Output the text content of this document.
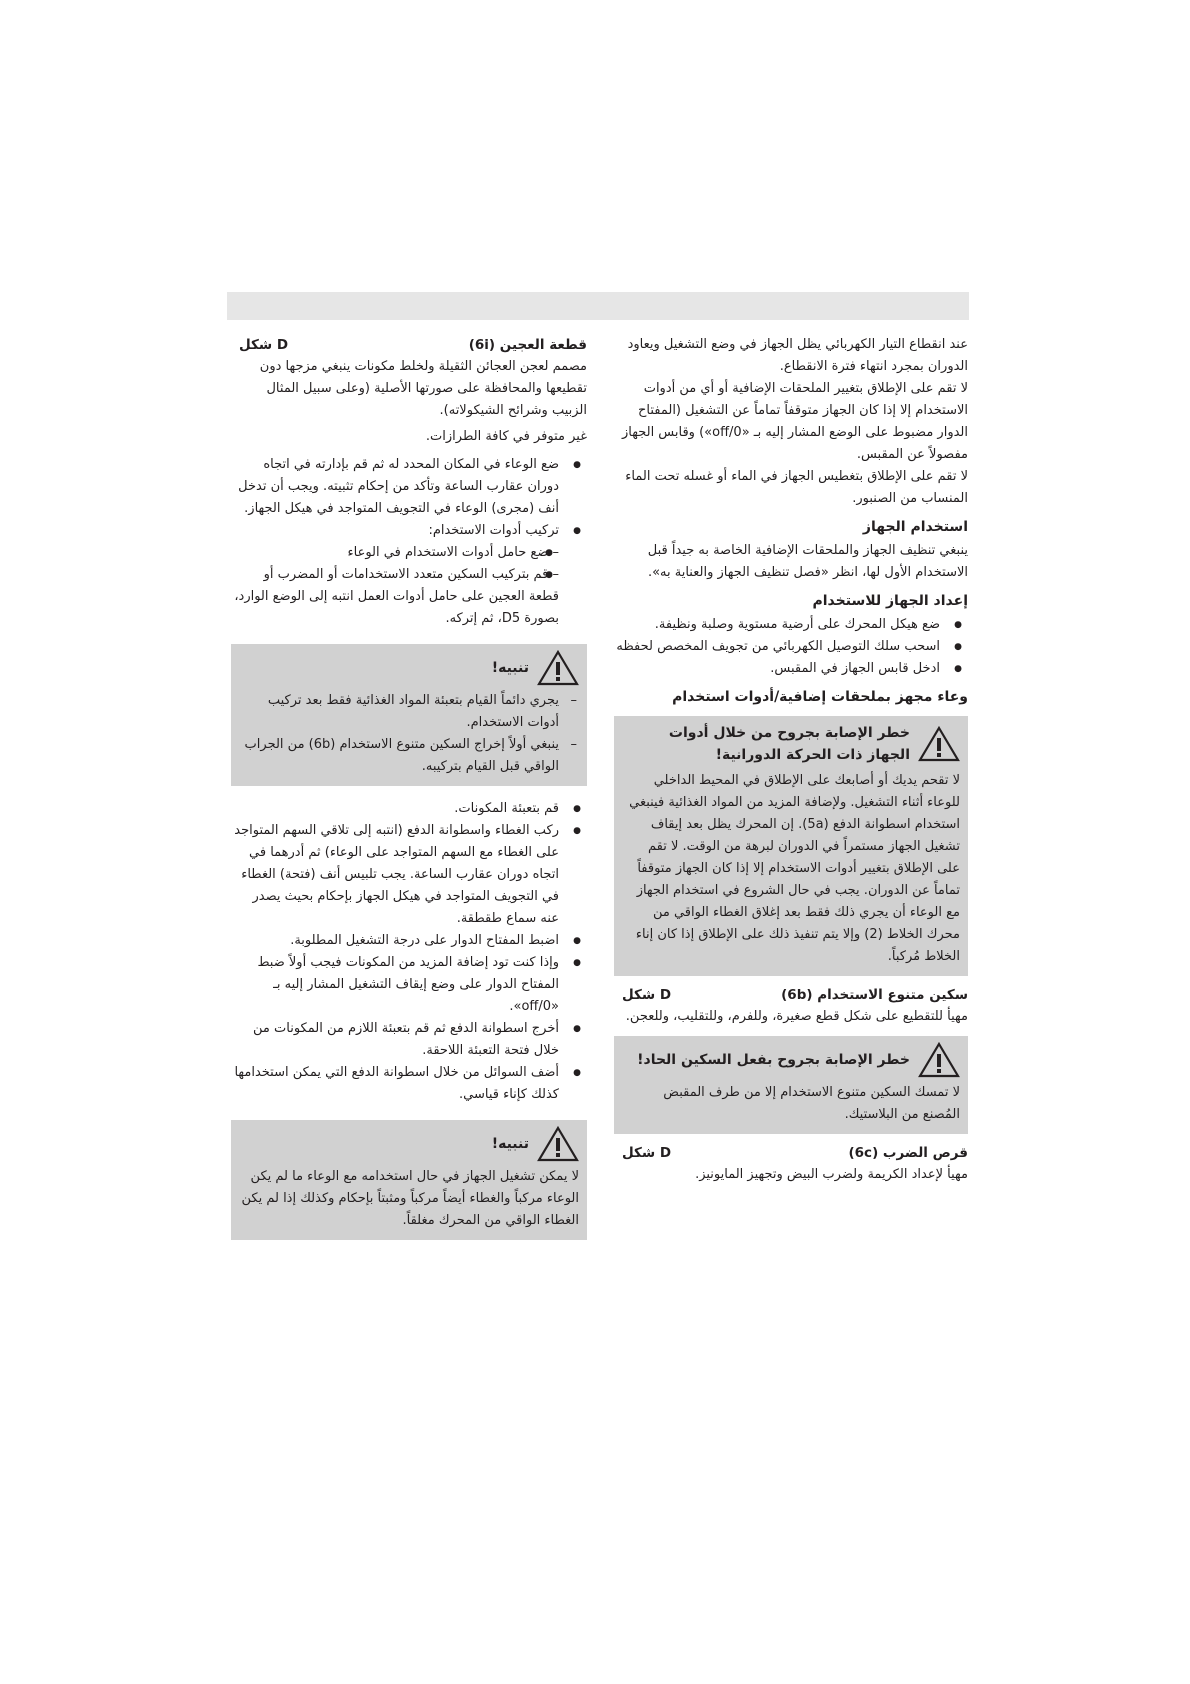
عند انقطاع التيار الكهربائي يظل الجهاز في وضع التشغيل ويعاود الدوران بمجرد انتهاء فترة الانقطاع.

لا تقم على الإطلاق بتغيير الملحقات الإضافية أو أي من أدوات الاستخدام إلا إذا كان الجهاز متوقفاً تماماً عن التشغيل (المفتاح الدوار مضبوط على الوضع المشار إليه بـ «off/0») وقابس الجهاز مفصولاً عن المقبس.

لا تقم على الإطلاق بتغطيس الجهاز في الماء أو غسله تحت الماء المنساب من الصنبور.

استخدام الجهاز

ينبغي تنظيف الجهاز والملحقات الإضافية الخاصة به جيداً قبل الاستخدام الأول لها، انظر «فصل تنظيف الجهاز والعناية به».

إعداد الجهاز للاستخدام

● ضع هيكل المحرك على أرضية مستوية وصلبة ونظيفة.
● اسحب سلك التوصيل الكهربائي من تجويف المخصص لحفظه
● ادخل قابس الجهاز في المقبس.

وعاء مجهز بملحقات إضافية/أدوات استخدام

خطر الإصابة بجروح من خلال أدوات الجهاز ذات الحركة الدورانية!

لا تقحم يديك أو أصابعك على الإطلاق في المحيط الداخلي للوعاء أثناء التشغيل. ولإضافة المزيد من المواد الغذائية فينبغي استخدام اسطوانة الدفع (5a). إن المحرك يظل بعد إيقاف تشغيل الجهاز مستمراً في الدوران لبرهة من الوقت. لا تقم على الإطلاق بتغيير أدوات الاستخدام إلا إذا كان الجهاز متوقفاً تماماً عن الدوران. يجب في حال الشروع في استخدام الجهاز مع الوعاء أن يجري ذلك فقط بعد إغلاق الغطاء الواقي من محرك الخلاط (2) وإلا يتم تنفيذ ذلك على الإطلاق إذا كان إناء الخلاط مُركباً.

سكين متنوع الاستخدام (6b)
شكل D

مهيأ للتقطيع على شكل قطع صغيرة، وللفرم، وللتقليب، وللعجن.

خطر الإصابة بجروح بفعل السكين الحاد!

لا تمسك السكين متنوع الاستخدام إلا من طرف المقبض المُصنع من البلاستيك.

قرص الضرب (6c)
شكل D

مهيأ لإعداد الكريمة ولضرب البيض وتجهيز المايونيز.

قطعة العجين (6i)
شكل D

مصمم لعجن العجائن الثقيلة ولخلط مكونات ينبغي مزجها دون تقطيعها والمحافظة على صورتها الأصلية (وعلى سبيل المثال الزبيب وشرائح الشيكولاته).

غير متوفر في كافة الطرازات.

● ضع الوعاء في المكان المحدد له ثم قم بإدارته في اتجاه دوران عقارب الساعة وتأكد من إحكام تثبيته. ويجب أن تدخل أنف (مجرى) الوعاء في التجويف المتواجد في هيكل الجهاز.
● تركيب أدوات الاستخدام:
● – ضع حامل أدوات الاستخدام في الوعاء
● – قم بتركيب السكين متعدد الاستخدامات أو المضرب أو قطعة العجين على حامل أدوات العمل انتبه إلى الوضع الوارد، بصورة D5، ثم إتركه.
تنبيه!
– يجري دائماً القيام بتعبئة المواد الغذائية فقط بعد تركيب أدوات الاستخدام.
– ينبغي أولاً إخراج السكين متنوع الاستخدام (6b) من الجراب الواقي قبل القيام بتركيبه.
● قم بتعبئة المكونات.
● ركب الغطاء واسطوانة الدفع (انتبه إلى تلاقي السهم المتواجد على الغطاء مع السهم المتواجد على الوعاء) ثم أدرهما في اتجاه دوران عقارب الساعة. يجب تلبيس أنف (فتحة) الغطاء في التجويف المتواجد في هيكل الجهاز بإحكام بحيث يصدر عنه سماع طقطقة.
● اضبط المفتاح الدوار على درجة التشغيل المطلوبة.
● وإذا كنت تود إضافة المزيد من المكونات فيجب أولاً ضبط المفتاح الدوار على وضع إيقاف التشغيل المشار إليه بـ «off/0».
● أخرج اسطوانة الدفع ثم قم بتعبئة اللازم من المكونات من خلال فتحة التعبئة اللاحقة.
● أضف السوائل من خلال اسطوانة الدفع التي يمكن استخدامها كذلك كإناء قياسي.
تنبيه!

لا يمكن تشغيل الجهاز في حال استخدامه مع الوعاء ما لم يكن الوعاء مركباً والغطاء أيضاً مركباً ومثبتاً بإحكام وكذلك إذا لم يكن الغطاء الواقي من المحرك مغلقاً.
